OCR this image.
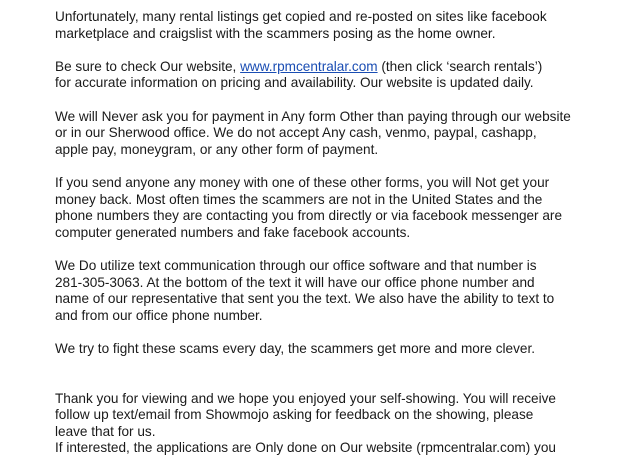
Unfortunately, many rental listings get copied and re-posted on sites like facebook
marketplace and craigslist with the scammers posing as the home owner.

Be sure to check Our website, www.rpmcentralar.com (then click ‘search rentals’)
for accurate information on pricing and availability. Our website is updated daily.

We will Never ask you for payment in Any form Other than paying through our website
or in our Sherwood office. We do not accept Any cash, venmo, paypal, cashapp,
apple pay, moneygram, or any other form of payment.

If you send anyone any money with one of these other forms, you will Not get your
money back. Most often times the scammers are not in the United States and the
phone numbers they are contacting you from directly or via facebook messenger are
computer generated numbers and fake facebook accounts.

We Do utilize text communication through our office software and that number is
281-305-3063. At the bottom of the text it will have our office phone number and
name of our representative that sent you the text. We also have the ability to text to
and from our office phone number.

We try to fight these scams every day, the scammers get more and more clever.

Thank you for viewing and we hope you enjoyed your self-showing. You will receive
follow up text/email from Showmojo asking for feedback on the showing, please
leave that for us.

If interested, the applications are Only done on Our website (rpmcentralar.com) you
